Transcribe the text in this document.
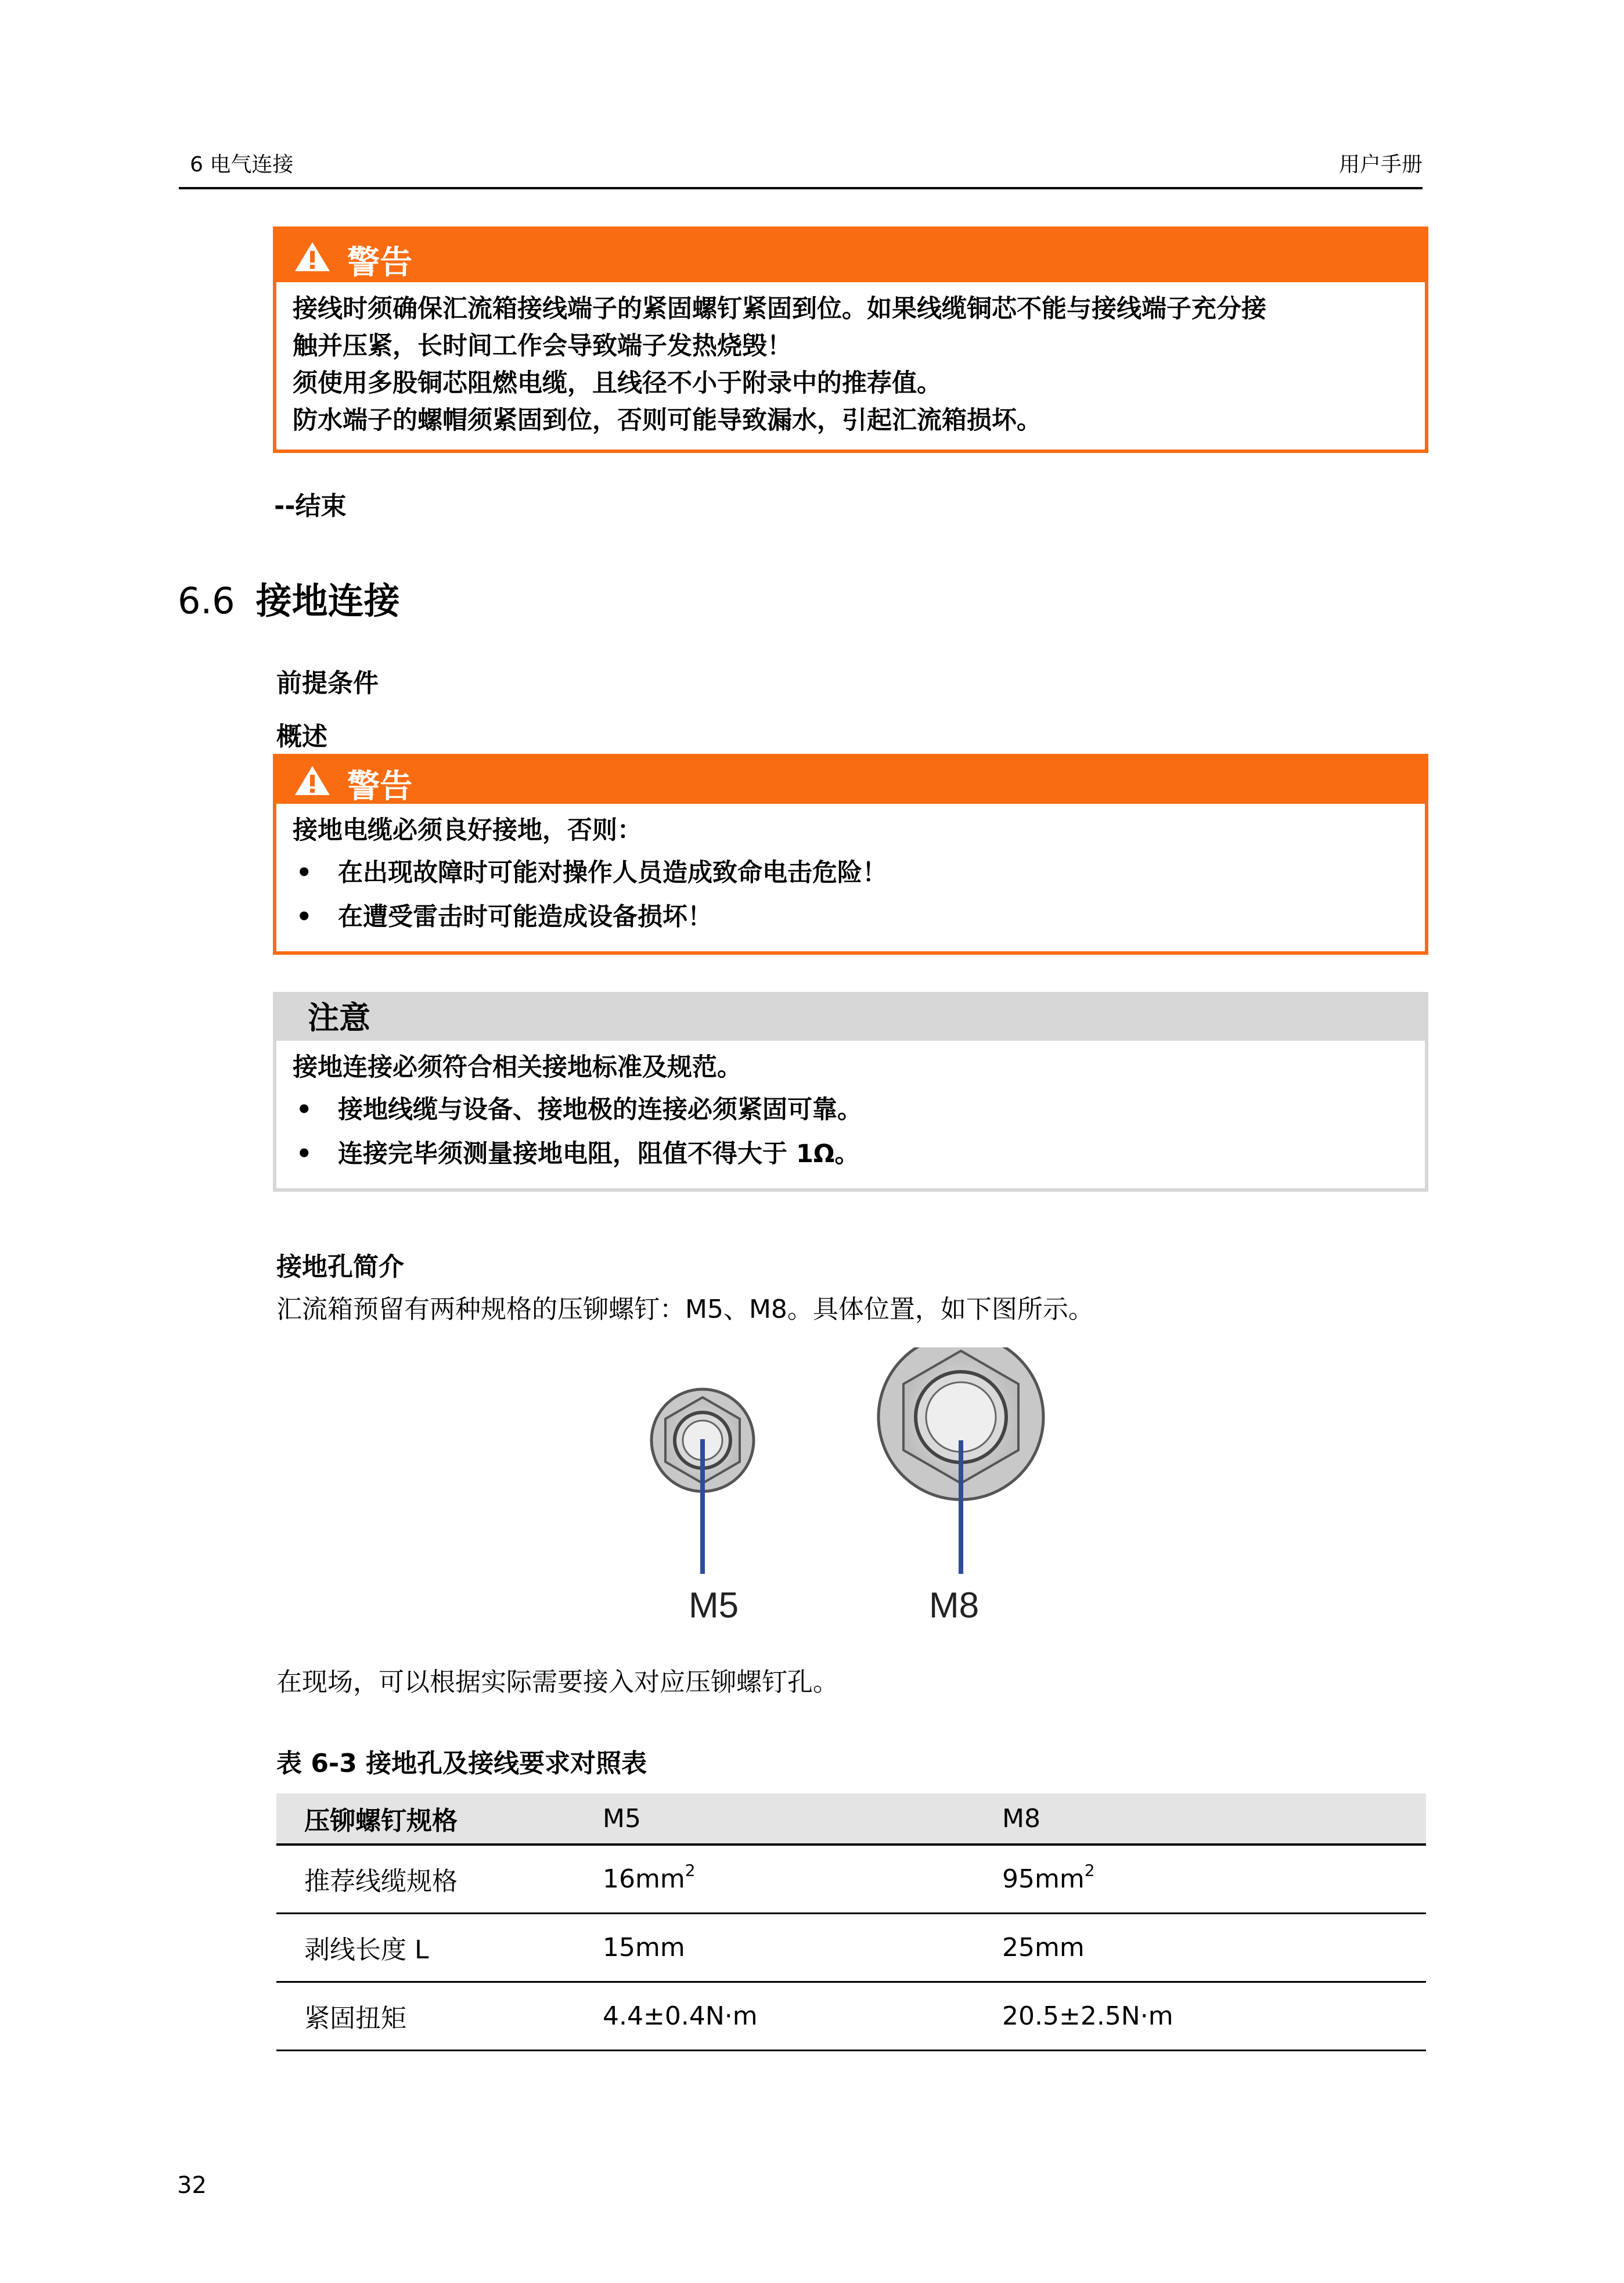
6 电气连接	用户手册
警告

接线时须确保汇流箱接线端子的紧固螺钉紧固到位。如果线缆铜芯不能与接线端子充分接

触并压紧，长时间工作会导致端子发热烧毁！

须使用多股铜芯阻燃电缆，且线径不小于附录中的推荐值。

防水端子的螺帽须紧固到位，否则可能导致漏水，引起汇流箱损坏。

--结束
6.6 接地连接
前提条件
概述
警告

接地电缆必须良好接地，否则：

• 在出现故障时可能对操作人员造成致命电击危险！

• 在遭受雷击时可能造成设备损坏！

注意

接地连接必须符合相关接地标准及规范。

• 接地线缆与设备、接地极的连接必须紧固可靠。

• 连接完毕须测量接地电阻，阻值不得大于 1Ω。

接地孔简介
汇流箱预留有两种规格的压铆螺钉：M5、M8。具体位置，如下图所示。
M5	M8
在现场，可以根据实际需要接入对应压铆螺钉孔。
表 6-3 接地孔及接线要求对照表
压铆螺钉规格	M5	M8
推荐线缆规格	$16mm^2$	$95mm^2$
剥线长度 L	15mm	25mm
紧固扭矩	4.4±0.4N·m	20.5±2.5N·m
32
